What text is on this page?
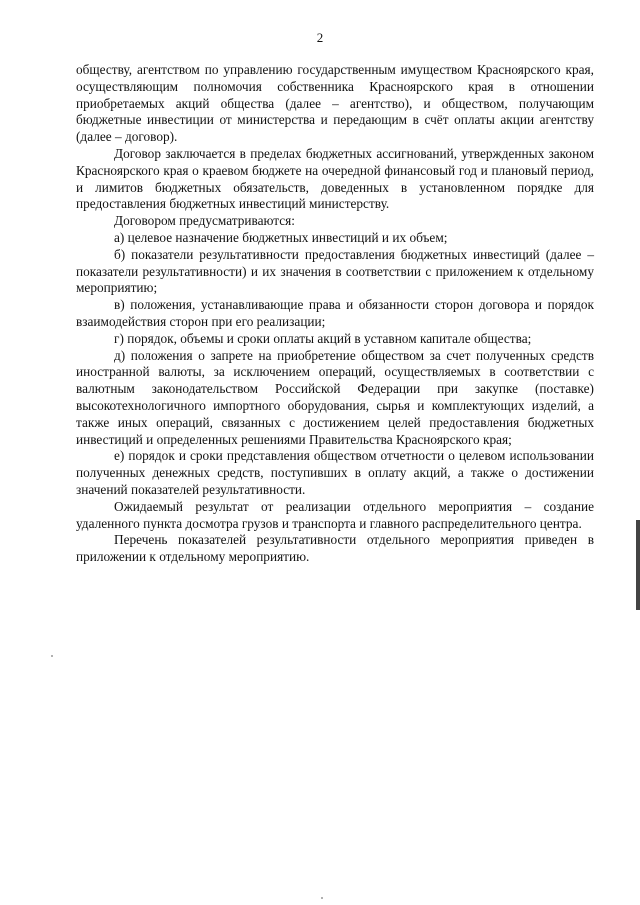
2

обществу, агентством по управлению государственным имуществом Красноярского края, осуществляющим полномочия собственника Красноярского края в отношении приобретаемых акций общества (далее – агентство), и обществом, получающим бюджетные инвестиции от министерства и передающим в счёт оплаты акции агентству (далее – договор).

Договор заключается в пределах бюджетных ассигнований, утвержденных законом Красноярского края о краевом бюджете на очередной финансовый год и плановый период, и лимитов бюджетных обязательств, доведенных в установленном порядке для предоставления бюджетных инвестиций министерству.

Договором предусматриваются:

а) целевое назначение бюджетных инвестиций и их объем;

б) показатели результативности предоставления бюджетных инвестиций (далее – показатели результативности) и их значения в соответствии с приложением к отдельному мероприятию;

в) положения, устанавливающие права и обязанности сторон договора и порядок взаимодействия сторон при его реализации;

г) порядок, объемы и сроки оплаты акций в уставном капитале общества;

д) положения о запрете на приобретение обществом за счет полученных средств иностранной валюты, за исключением операций, осуществляемых в соответствии с валютным законодательством Российской Федерации при закупке (поставке) высокотехнологичного импортного оборудования, сырья и комплектующих изделий, а также иных операций, связанных с достижением целей предоставления бюджетных инвестиций и определенных решениями Правительства Красноярского края;

е) порядок и сроки представления обществом отчетности о целевом использовании полученных денежных средств, поступивших в оплату акций, а также о достижении значений показателей результативности.

Ожидаемый результат от реализации отдельного мероприятия – создание удаленного пункта досмотра грузов и транспорта и главного распределительного центра.

Перечень показателей результативности отдельного мероприятия приведен в приложении к отдельному мероприятию.
